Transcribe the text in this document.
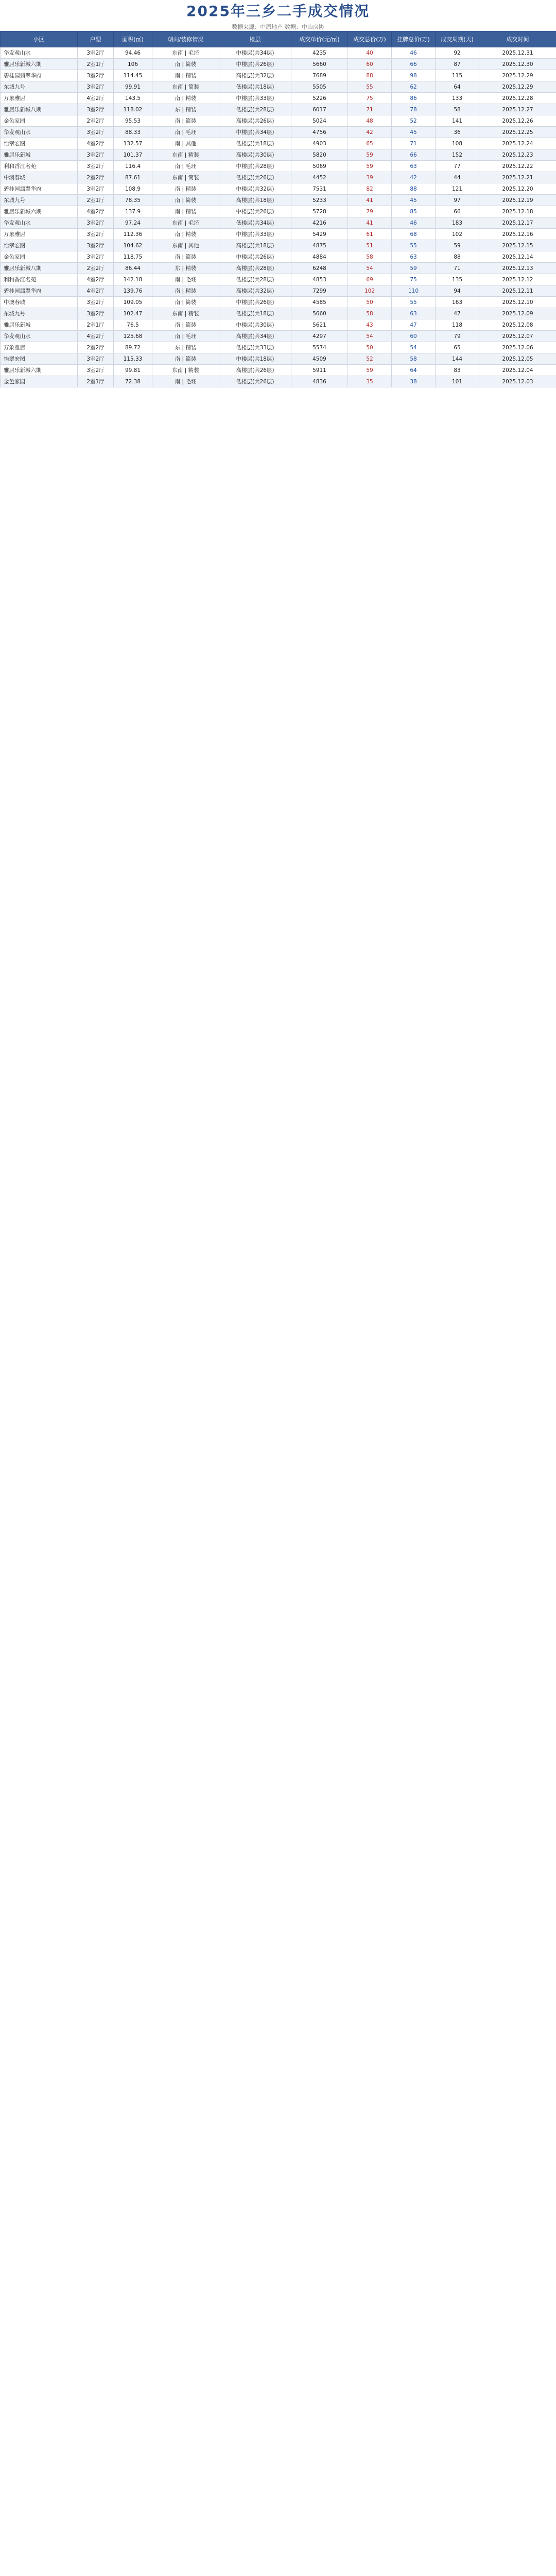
2025年三乡二手成交情况
数据来源：中原地产 数据：中山房协
小区	户型	面积(㎡)	朝向/装修情况	楼层	成交单价(元/㎡)	成交总价(万)	挂牌总价(万)	成交周期(天)	成交时间
华发观山水	3室2厅	94.46	东南 | 毛坯	中楼层(共34层)	4235	40	46	92	2025.12.31
雅居乐新城六期	2室1厅	106	南 | 简装	中楼层(共26层)	5660	60	66	87	2025.12.30
碧桂园翡翠华府	3室2厅	114.45	南 | 精装	高楼层(共32层)	7689	88	98	115	2025.12.29
东城九号	3室2厅	99.91	东南 | 简装	低楼层(共18层)	5505	55	62	64	2025.12.29
万象雅居	4室2厅	143.5	南 | 精装	中楼层(共33层)	5226	75	86	133	2025.12.28
雅居乐新城八期	3室2厅	118.02	东 | 精装	低楼层(共28层)	6017	71	78	58	2025.12.27
金色家园	2室2厅	95.53	南 | 简装	高楼层(共26层)	5024	48	52	141	2025.12.26
华发观山水	3室2厅	88.33	南 | 毛坯	中楼层(共34层)	4756	42	45	36	2025.12.25
怡翠宏图	4室2厅	132.57	南 | 其他	低楼层(共18层)	4903	65	71	108	2025.12.24
雅居乐新城	3室2厅	101.37	东南 | 精装	高楼层(共30层)	5820	59	66	152	2025.12.23
利和香江名苑	3室2厅	116.4	南 | 毛坯	中楼层(共28层)	5069	59	63	77	2025.12.22
中澳春城	2室2厅	87.61	东南 | 简装	低楼层(共26层)	4452	39	42	44	2025.12.21
碧桂园翡翠华府	3室2厅	108.9	南 | 精装	中楼层(共32层)	7531	82	88	121	2025.12.20
东城九号	2室1厅	78.35	南 | 简装	高楼层(共18层)	5233	41	45	97	2025.12.19
雅居乐新城六期	4室2厅	137.9	南 | 精装	中楼层(共26层)	5728	79	85	66	2025.12.18
华发观山水	3室2厅	97.24	东南 | 毛坯	低楼层(共34层)	4216	41	46	183	2025.12.17
万象雅居	3室2厅	112.36	南 | 精装	中楼层(共33层)	5429	61	68	102	2025.12.16
怡翠宏图	3室2厅	104.62	东南 | 其他	高楼层(共18层)	4875	51	55	59	2025.12.15
金色家园	3室2厅	118.75	南 | 简装	中楼层(共26层)	4884	58	63	88	2025.12.14
雅居乐新城八期	2室2厅	86.44	东 | 精装	高楼层(共28层)	6248	54	59	71	2025.12.13
利和香江名苑	4室2厅	142.18	南 | 毛坯	低楼层(共28层)	4853	69	75	135	2025.12.12
碧桂园翡翠华府	4室2厅	139.76	南 | 精装	高楼层(共32层)	7299	102	110	94	2025.12.11
中澳春城	3室2厅	109.05	南 | 简装	中楼层(共26层)	4585	50	55	163	2025.12.10
东城九号	3室2厅	102.47	东南 | 精装	低楼层(共18层)	5660	58	63	47	2025.12.09
雅居乐新城	2室1厅	76.5	南 | 简装	中楼层(共30层)	5621	43	47	118	2025.12.08
华发观山水	4室2厅	125.68	南 | 毛坯	高楼层(共34层)	4297	54	60	79	2025.12.07
万象雅居	2室2厅	89.72	东 | 精装	低楼层(共33层)	5574	50	54	65	2025.12.06
怡翠宏图	3室2厅	115.33	南 | 简装	中楼层(共18层)	4509	52	58	144	2025.12.05
雅居乐新城六期	3室2厅	99.81	东南 | 精装	高楼层(共26层)	5911	59	64	83	2025.12.04
金色家园	2室1厅	72.38	南 | 毛坯	低楼层(共26层)	4836	35	38	101	2025.12.03
